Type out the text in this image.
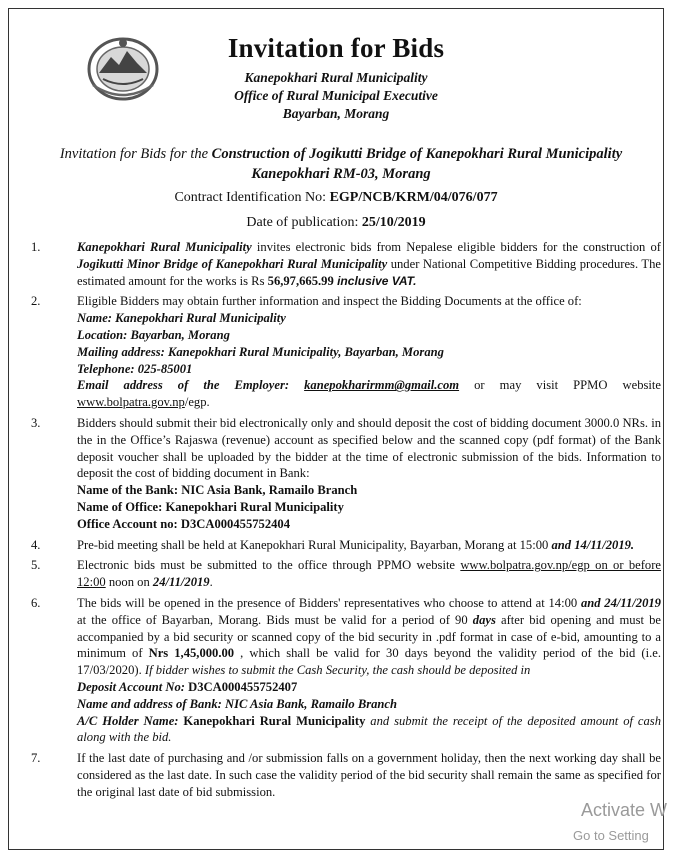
Invitation for Bids
Kanepokhari Rural Municipality
Office of Rural Municipal Executive
Bayarban, Morang
Invitation for Bids for the Construction of Jogikutti Bridge of Kanepokhari Rural Municipality
Kanepokhari RM-03, Morang
Contract Identification No: EGP/NCB/KRM/04/076/077
Date of publication: 25/10/2019
1.	Kanepokhari Rural Municipality invites electronic bids from Nepalese eligible bidders for the construction of Jogikutti Minor Bridge of Kanepokhari Rural Municipality under National Competitive Bidding procedures. The estimated amount for the works is Rs 56,97,665.99 inclusive VAT.
2.	Eligible Bidders may obtain further information and inspect the Bidding Documents at the office of:
Name: Kanepokhari Rural Municipality
Location: Bayarban, Morang
Mailing address: Kanepokhari Rural Municipality, Bayarban, Morang
Telephone: 025-85001
Email address of the Employer: kanepokharirmm@gmail.com or may visit PPMO website www.bolpatra.gov.np/egp.
3.	Bidders should submit their bid electronically only and should deposit the cost of bidding document 3000.0 NRs. in the in the Office’s Rajaswa (revenue) account as specified below and the scanned copy (pdf format) of the Bank deposit voucher shall be uploaded by the bidder at the time of electronic submission of the bids. Information to deposit the cost of bidding document in Bank:
Name of the Bank: NIC Asia Bank, Ramailo Branch
Name of Office: Kanepokhari Rural Municipality
Office Account no: D3CA000455752404
4.	Pre-bid meeting shall be held at Kanepokhari Rural Municipality, Bayarban, Morang at 15:00 and 14/11/2019.
5.	Electronic bids must be submitted to the office through PPMO website www.bolpatra.gov.np/egp on or before 12:00 noon on 24/11/2019.
6.	The bids will be opened in the presence of Bidders' representatives who choose to attend at 14:00 and 24/11/2019 at the office of Bayarban, Morang. Bids must be valid for a period of 90 days after bid opening and must be accompanied by a bid security or scanned copy of the bid security in .pdf format in case of e-bid, amounting to a minimum of Nrs 1,45,000.00 , which shall be valid for 30 days beyond the validity period of the bid (i.e. 17/03/2020). If bidder wishes to submit the Cash Security, the cash should be deposited in
Deposit Account No: D3CA000455752407
Name and address of Bank: NIC Asia Bank, Ramailo Branch
A/C Holder Name: Kanepokhari Rural Municipality and submit the receipt of the deposited amount of cash along with the bid.
7.	If the last date of purchasing and /or submission falls on a government holiday, then the next working day shall be considered as the last date. In such case the validity period of the bid security shall remain the same as specified for the original last date of bid submission.
Activate W
Go to Setting
